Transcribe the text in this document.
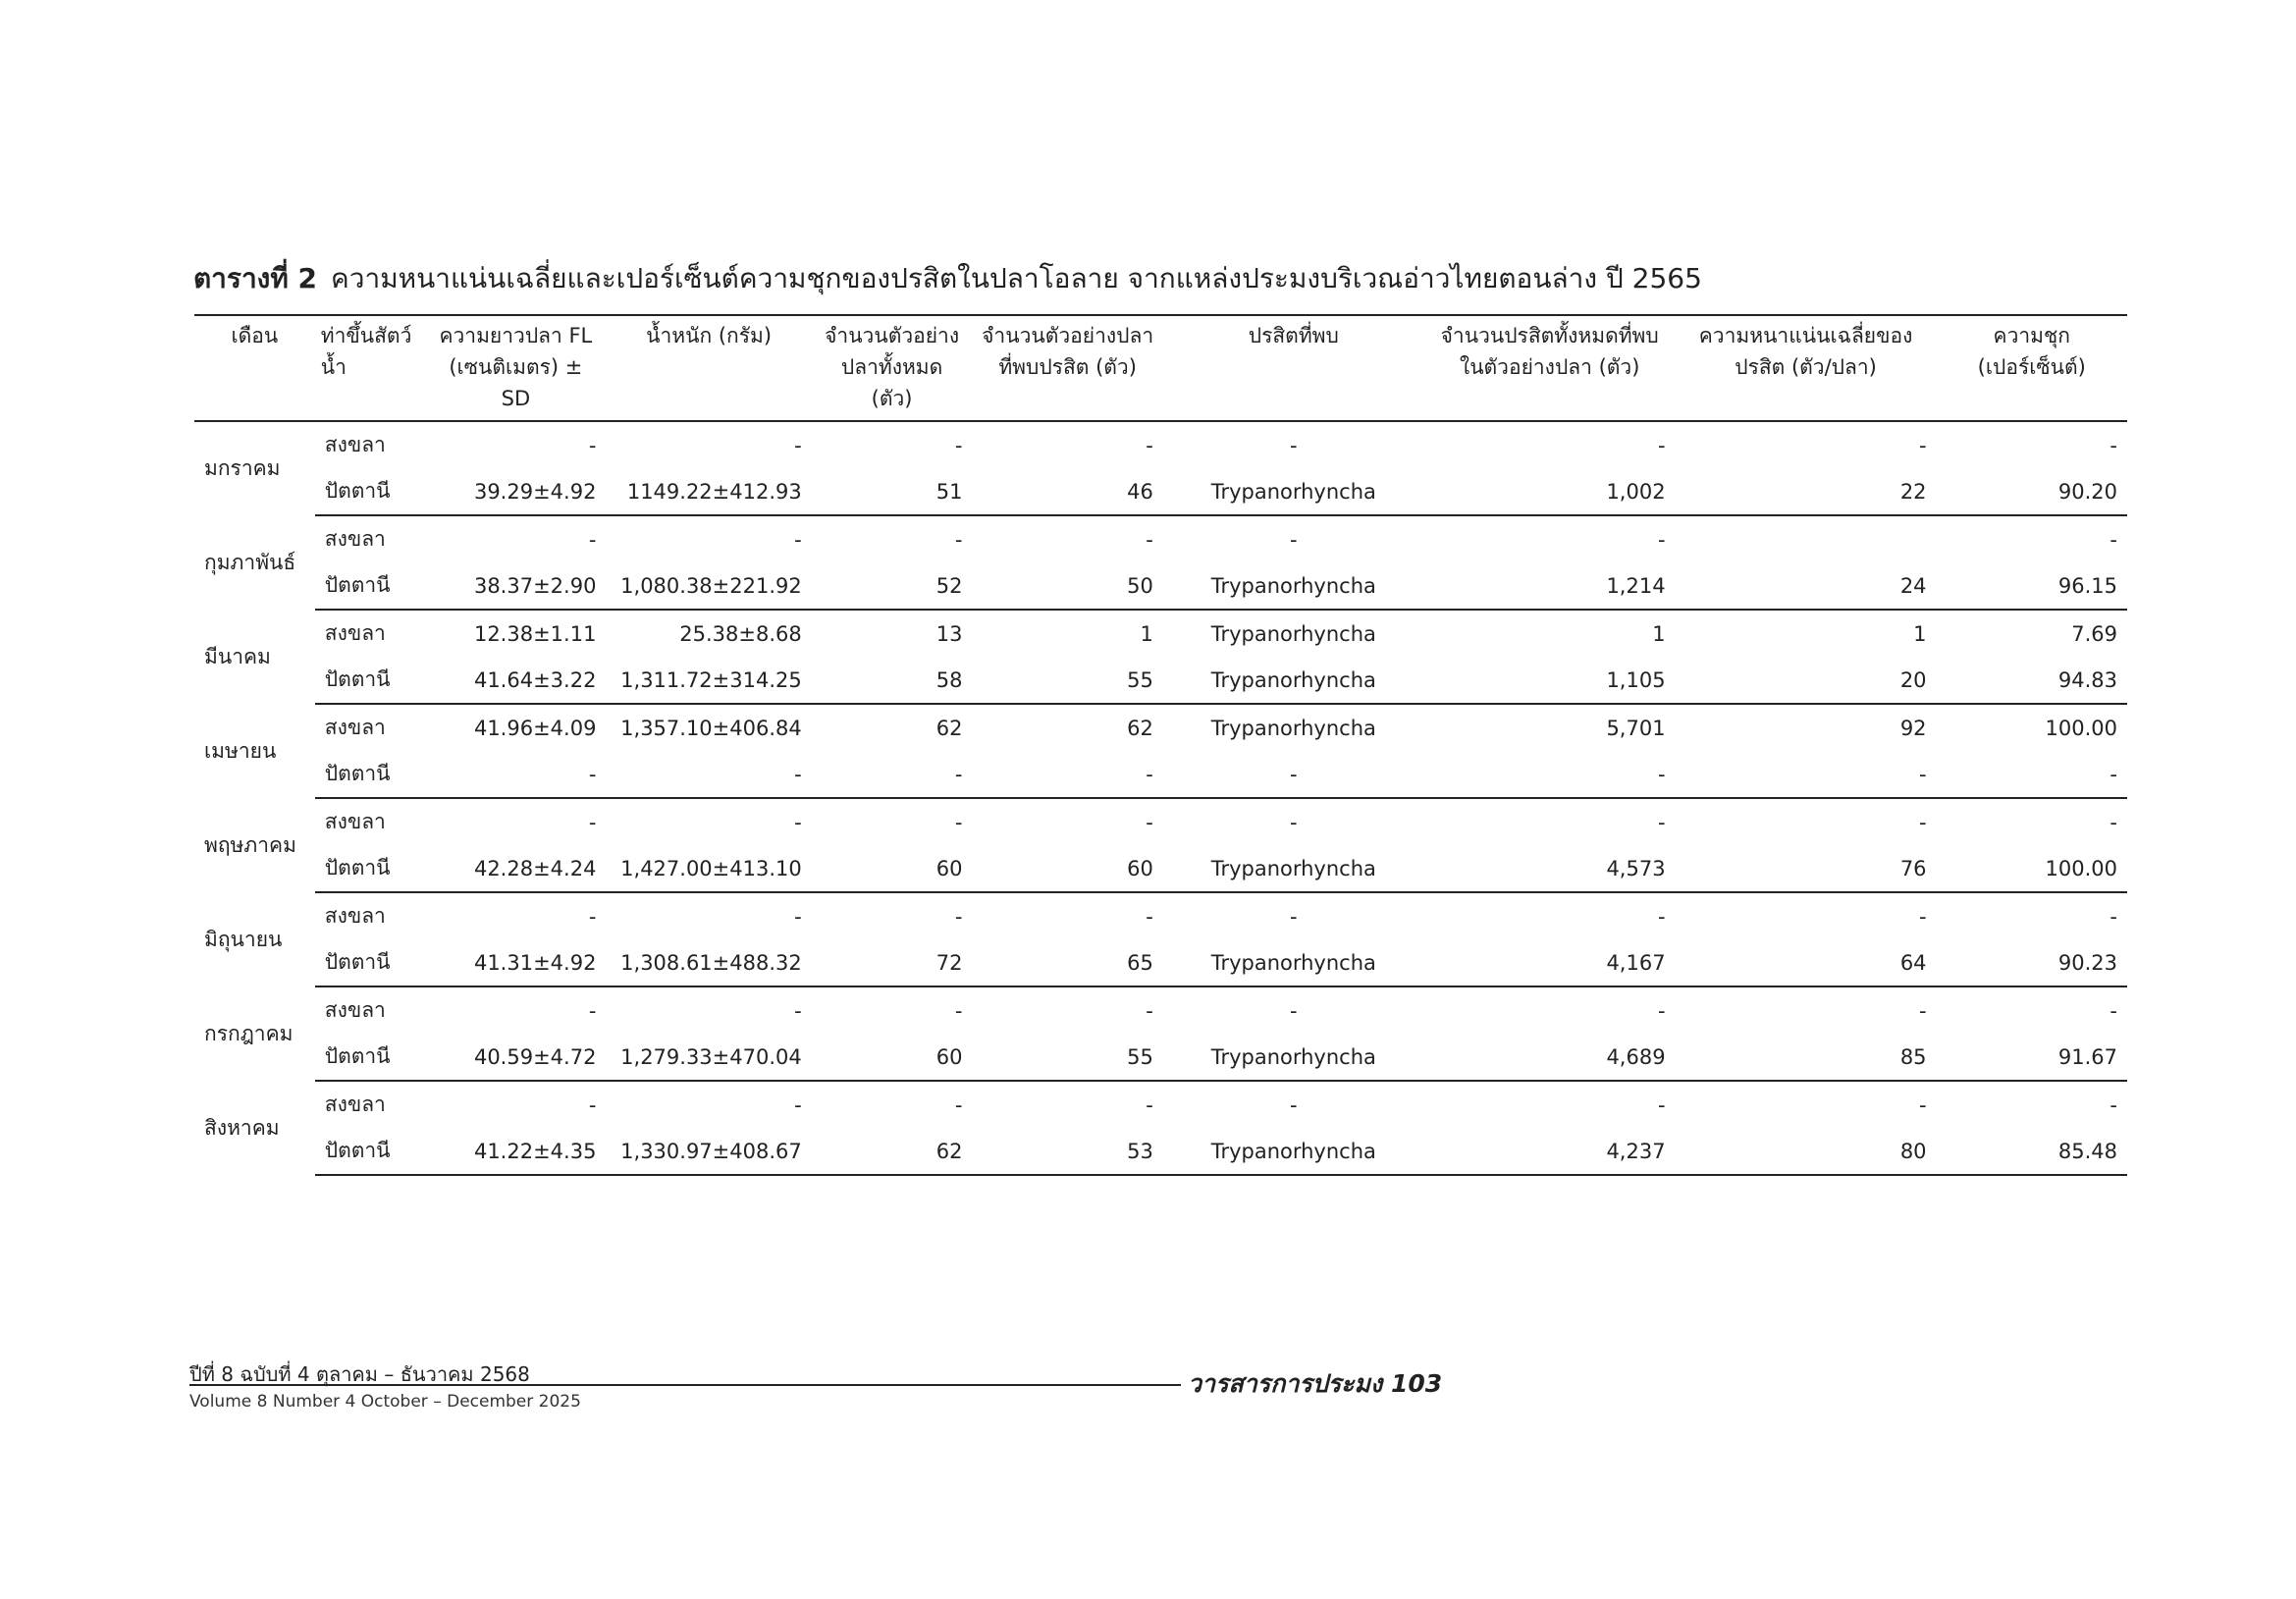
ตารางที่ 2 ความหนาแน่นเฉลี่ยและเปอร์เซ็นต์ความชุกของปรสิตในปลาโอลาย จากแหล่งประมงบริเวณอ่าวไทยตอนล่าง ปี 2565
เดือน	ท่าขึ้นสัตว์น้ำ	ความยาวปลา FL (เซนติเมตร) ± SD	น้ำหนัก (กรัม)	จำนวนตัวอย่างปลาทั้งหมด (ตัว)	จำนวนตัวอย่างปลาที่พบปรสิต (ตัว)	ปรสิตที่พบ	จำนวนปรสิตทั้งหมดที่พบในตัวอย่างปลา (ตัว)	ความหนาแน่นเฉลี่ยของปรสิต (ตัว/ปลา)	ความชุก (เปอร์เซ็นต์)
มกราคม	สงขลา	-	-	-	-	-	-	-	-
	ปัตตานี	39.29±4.92	1149.22±412.93	51	46	Trypanorhyncha	1,002	22	90.20
กุมภาพันธ์	สงขลา	-	-	-	-	-	-		-
	ปัตตานี	38.37±2.90	1,080.38±221.92	52	50	Trypanorhyncha	1,214	24	96.15
มีนาคม	สงขลา	12.38±1.11	25.38±8.68	13	1	Trypanorhyncha	1	1	7.69
	ปัตตานี	41.64±3.22	1,311.72±314.25	58	55	Trypanorhyncha	1,105	20	94.83
เมษายน	สงขลา	41.96±4.09	1,357.10±406.84	62	62	Trypanorhyncha	5,701	92	100.00
	ปัตตานี	-	-	-	-	-	-	-	-
พฤษภาคม	สงขลา	-	-	-	-	-	-	-	-
	ปัตตานี	42.28±4.24	1,427.00±413.10	60	60	Trypanorhyncha	4,573	76	100.00
มิถุนายน	สงขลา	-	-	-	-	-	-	-	-
	ปัตตานี	41.31±4.92	1,308.61±488.32	72	65	Trypanorhyncha	4,167	64	90.23
กรกฎาคม	สงขลา	-	-	-	-	-	-	-	-
	ปัตตานี	40.59±4.72	1,279.33±470.04	60	55	Trypanorhyncha	4,689	85	91.67
สิงหาคม	สงขลา	-	-	-	-	-	-	-	-
	ปัตตานี	41.22±4.35	1,330.97±408.67	62	53	Trypanorhyncha	4,237	80	85.48
ปีที่ 8 ฉบับที่ 4 ตุลาคม – ธันวาคม 2568	วารสารการประมง 103
Volume 8 Number 4 October – December 2025
